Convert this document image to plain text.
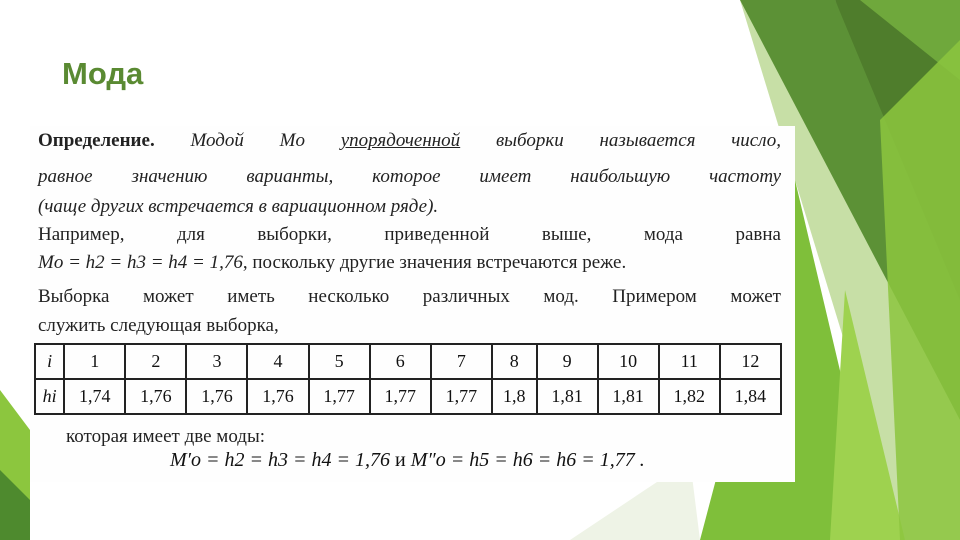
Мода
Определение. Модой Mo упорядоченной выборки называется число,
равное значению варианты, которое имеет наибольшую частоту
(чаще других встречается в вариационном ряде).
Например, для выборки, приведенной выше, мода равна
Mo = h2 = h3 = h4 = 1,76, поскольку другие значения встречаются реже.
Выборка может иметь несколько различных мод. Примером может
служить следующая выборка,
i	1	2	3	4	5	6	7	8	9	10	11	12
hi	1,74	1,76	1,76	1,76	1,77	1,77	1,77	1,8	1,81	1,81	1,82	1,84
которая имеет две моды:
M′o = h2 = h3 = h4 = 1,76 и M″o = h5 = h6 = h6 = 1,77 .
